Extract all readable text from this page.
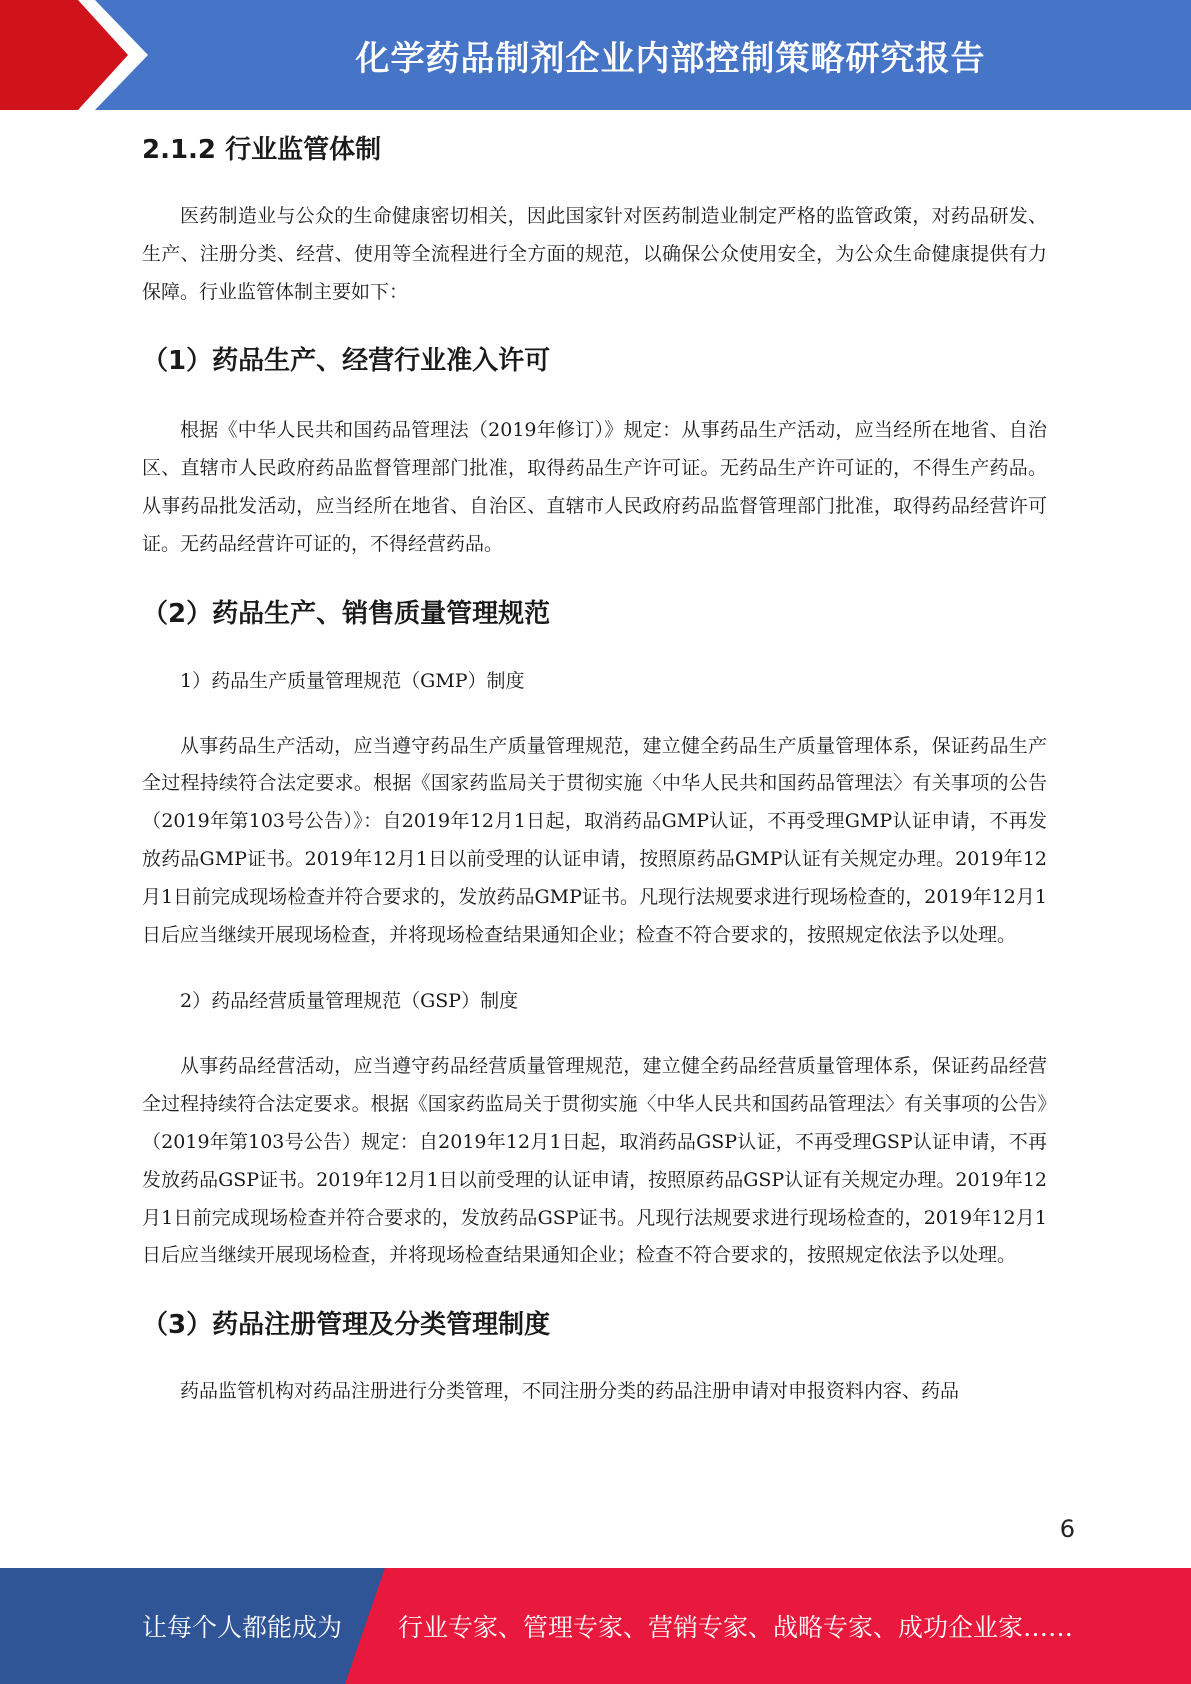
化学药品制剂企业内部控制策略研究报告
2.1.2 行业监管体制

医药制造业与公众的生命健康密切相关，因此国家针对医药制造业制定严格的监管政策，对药品研发、生产、注册分类、经营、使用等全流程进行全方面的规范，以确保公众使用安全，为公众生命健康提供有力保障。行业监管体制主要如下：

（1）药品生产、经营行业准入许可

根据《中华人民共和国药品管理法（2019年修订）》规定：从事药品生产活动，应当经所在地省、自治区、直辖市人民政府药品监督管理部门批准，取得药品生产许可证。无药品生产许可证的，不得生产药品。从事药品批发活动，应当经所在地省、自治区、直辖市人民政府药品监督管理部门批准，取得药品经营许可证。无药品经营许可证的，不得经营药品。

（2）药品生产、销售质量管理规范

1）药品生产质量管理规范（GMP）制度

从事药品生产活动，应当遵守药品生产质量管理规范，建立健全药品生产质量管理体系，保证药品生产全过程持续符合法定要求。根据《国家药监局关于贯彻实施〈中华人民共和国药品管理法〉有关事项的公告（2019年第103号公告）》：自2019年12月1日起，取消药品GMP认证，不再受理GMP认证申请，不再发放药品GMP证书。2019年12月1日以前受理的认证申请，按照原药品GMP认证有关规定办理。2019年12月1日前完成现场检查并符合要求的，发放药品GMP证书。凡现行法规要求进行现场检查的，2019年12月1日后应当继续开展现场检查，并将现场检查结果通知企业；检查不符合要求的，按照规定依法予以处理。

2）药品经营质量管理规范（GSP）制度

从事药品经营活动，应当遵守药品经营质量管理规范，建立健全药品经营质量管理体系，保证药品经营全过程持续符合法定要求。根据《国家药监局关于贯彻实施〈中华人民共和国药品管理法〉有关事项的公告》（2019年第103号公告）规定：自2019年12月1日起，取消药品GSP认证，不再受理GSP认证申请，不再发放药品GSP证书。2019年12月1日以前受理的认证申请，按照原药品GSP认证有关规定办理。2019年12月1日前完成现场检查并符合要求的，发放药品GSP证书。凡现行法规要求进行现场检查的，2019年12月1日后应当继续开展现场检查，并将现场检查结果通知企业；检查不符合要求的，按照规定依法予以处理。

（3）药品注册管理及分类管理制度

药品监管机构对药品注册进行分类管理，不同注册分类的药品注册申请对申报资料内容、药品

6
让每个人都能成为 行业专家、管理专家、营销专家、战略专家、成功企业家……
